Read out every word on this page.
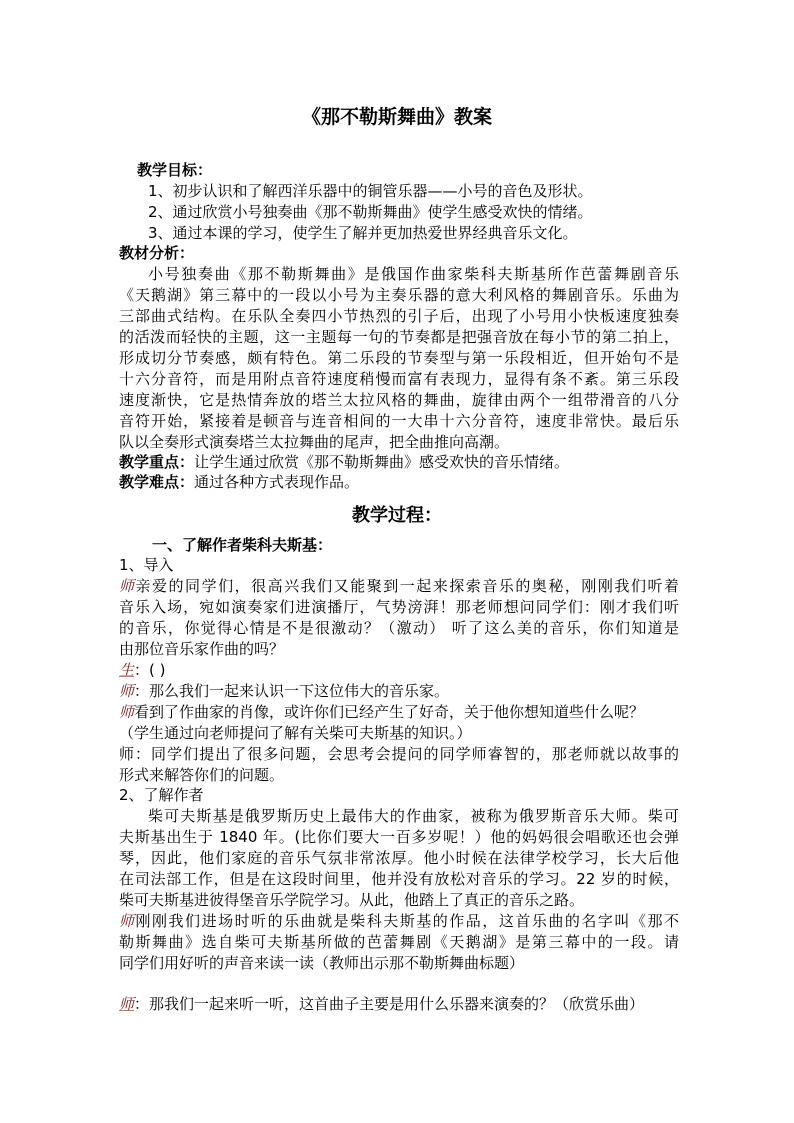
《那不勒斯舞曲》教案
教学目标：
1、初步认识和了解西洋乐器中的铜管乐器——小号的音色及形状。
2、通过欣赏小号独奏曲《那不勒斯舞曲》使学生感受欢快的情绪。
3、通过本课的学习，使学生了解并更加热爱世界经典音乐文化。
教材分析：
小号独奏曲《那不勒斯舞曲》是俄国作曲家柴科夫斯基所作芭蕾舞剧音乐
《天鹅湖》第三幕中的一段以小号为主奏乐器的意大利风格的舞剧音乐。乐曲为
三部曲式结构。在乐队全奏四小节热烈的引子后，出现了小号用小快板速度独奏
的活泼而轻快的主题，这一主题每一句的节奏都是把强音放在每小节的第二拍上，
形成切分节奏感，颇有特色。第二乐段的节奏型与第一乐段相近，但开始句不是
十六分音符，而是用附点音符速度稍慢而富有表现力，显得有条不紊。第三乐段
速度渐快，它是热情奔放的塔兰太拉风格的舞曲，旋律由两个一组带滑音的八分
音符开始，紧接着是顿音与连音相间的一大串十六分音符，速度非常快。最后乐
队以全奏形式演奏塔兰太拉舞曲的尾声，把全曲推向高潮。
教学重点：让学生通过欣赏《那不勒斯舞曲》感受欢快的音乐情绪。
教学难点：通过各种方式表现作品。
教学过程：
一、了解作者柴科夫斯基：
1、导入
师亲爱的同学们，很高兴我们又能聚到一起来探索音乐的奥秘，刚刚我们听着
音乐入场，宛如演奏家们进演播厅，气势滂湃！那老师想问同学们：刚才我们听
的音乐，你觉得心情是不是很激动？（激动） 听了这么美的音乐，你们知道是
由那位音乐家作曲的吗？
生：( )
师：那么我们一起来认识一下这位伟大的音乐家。
师看到了作曲家的肖像，或许你们已经产生了好奇，关于他你想知道些什么呢？
（学生通过向老师提问了解有关柴可夫斯基的知识。）
师：同学们提出了很多问题，会思考会提问的同学师睿智的，那老师就以故事的
形式来解答你们的问题。
2、了解作者
柴可夫斯基是俄罗斯历史上最伟大的作曲家，被称为俄罗斯音乐大师。柴可
夫斯基出生于 1840 年。(比你们要大一百多岁呢！）他的妈妈很会唱歌还也会弹
琴，因此，他们家庭的音乐气氛非常浓厚。他小时候在法律学校学习，长大后他
在司法部工作，但是在这段时间里，他并没有放松对音乐的学习。22 岁的时候，
柴可夫斯基进彼得堡音乐学院学习。从此，他踏上了真正的音乐之路。
师刚刚我们进场时听的乐曲就是柴科夫斯基的作品，这首乐曲的名字叫《那不
勒斯舞曲》选自柴可夫斯基所做的芭蕾舞剧《天鹅湖》是第三幕中的一段。请
同学们用好听的声音来读一读（教师出示那不勒斯舞曲标题）
师：那我们一起来听一听，这首曲子主要是用什么乐器来演奏的？（欣赏乐曲）
